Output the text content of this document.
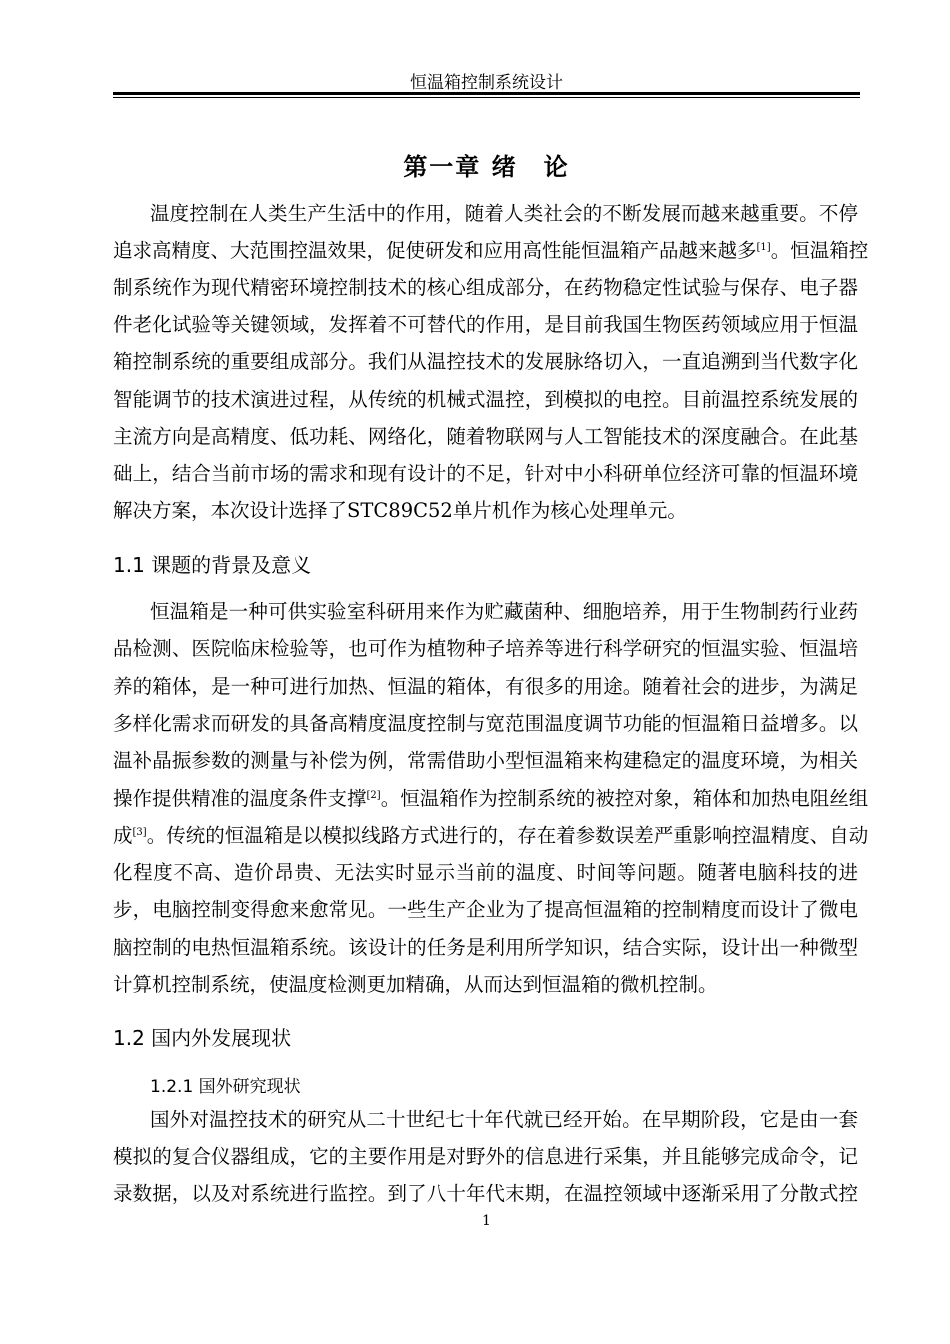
恒温箱控制系统设计
第一章 绪　论
温度控制在人类生产生活中的作用，随着人类社会的不断发展而越来越重要。不停
追求高精度、大范围控温效果，促使研发和应用高性能恒温箱产品越来越多[1]。恒温箱控
制系统作为现代精密环境控制技术的核心组成部分，在药物稳定性试验与保存、电子器
件老化试验等关键领域，发挥着不可替代的作用，是目前我国生物医药领域应用于恒温
箱控制系统的重要组成部分。我们从温控技术的发展脉络切入，一直追溯到当代数字化
智能调节的技术演进过程，从传统的机械式温控，到模拟的电控。目前温控系统发展的
主流方向是高精度、低功耗、网络化，随着物联网与人工智能技术的深度融合。在此基
础上，结合当前市场的需求和现有设计的不足，针对中小科研单位经济可靠的恒温环境
解决方案，本次设计选择了STC89C52单片机作为核心处理单元。
1.1 课题的背景及意义
恒温箱是一种可供实验室科研用来作为贮藏菌种、细胞培养，用于生物制药行业药
品检测、医院临床检验等，也可作为植物种子培养等进行科学研究的恒温实验、恒温培
养的箱体，是一种可进行加热、恒温的箱体，有很多的用途。随着社会的进步，为满足
多样化需求而研发的具备高精度温度控制与宽范围温度调节功能的恒温箱日益增多。以
温补晶振参数的测量与补偿为例，常需借助小型恒温箱来构建稳定的温度环境，为相关
操作提供精准的温度条件支撑[2]。恒温箱作为控制系统的被控对象，箱体和加热电阻丝组
成[3]。传统的恒温箱是以模拟线路方式进行的，存在着参数误差严重影响控温精度、自动
化程度不高、造价昂贵、无法实时显示当前的温度、时间等问题。随著电脑科技的进
步，电脑控制变得愈来愈常见。一些生产企业为了提高恒温箱的控制精度而设计了微电
脑控制的电热恒温箱系统。该设计的任务是利用所学知识，结合实际，设计出一种微型
计算机控制系统，使温度检测更加精确，从而达到恒温箱的微机控制。
1.2 国内外发展现状
1.2.1 国外研究现状
国外对温控技术的研究从二十世纪七十年代就已经开始。在早期阶段，它是由一套
模拟的复合仪器组成，它的主要作用是对野外的信息进行采集，并且能够完成命令，记
录数据，以及对系统进行监控。到了八十年代末期，在温控领域中逐渐采用了分散式控
1
